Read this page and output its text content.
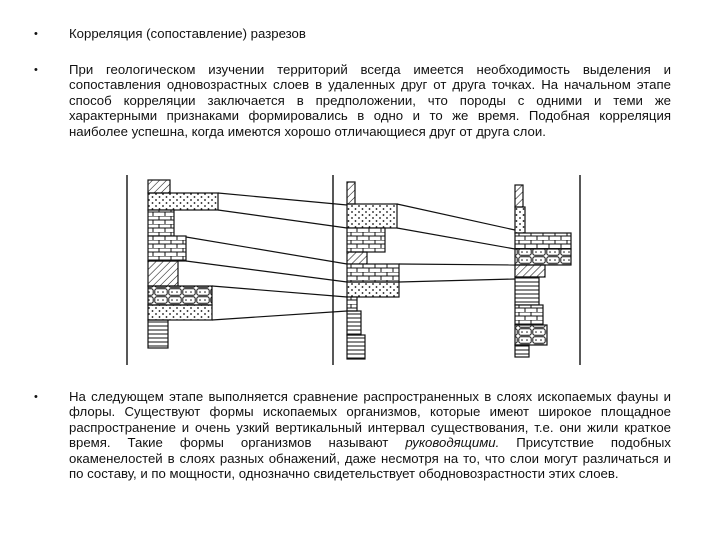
• Корреляция (сопоставление) разрезов

• При геологическом изучении территорий всегда имеется необходимость выделения и сопоставления одновозрастных слоев в удаленных друг от друга точках. На начальном этапе способ корреляции заключается в предположении, что породы с одними и теми же характерными признаками формировались в одно и то же время. Подобная корреляция наиболее успешна, когда имеются хорошо отличающиеся друг от друга слои.

• На следующем этапе выполняется сравнение распространенных в слоях ископаемых фауны и флоры. Существуют формы ископаемых организмов, которые имеют широкое площадное распространение и очень узкий вертикальный интервал существования, т.е. они жили краткое время. Такие формы организмов называют руководящими. Присутствие подобных окаменелостей в слоях разных обнажений, даже несмотря на то, что слои могут различаться и по составу, и по мощности, однозначно свидетельствует ободновозрастности этих слоев.
